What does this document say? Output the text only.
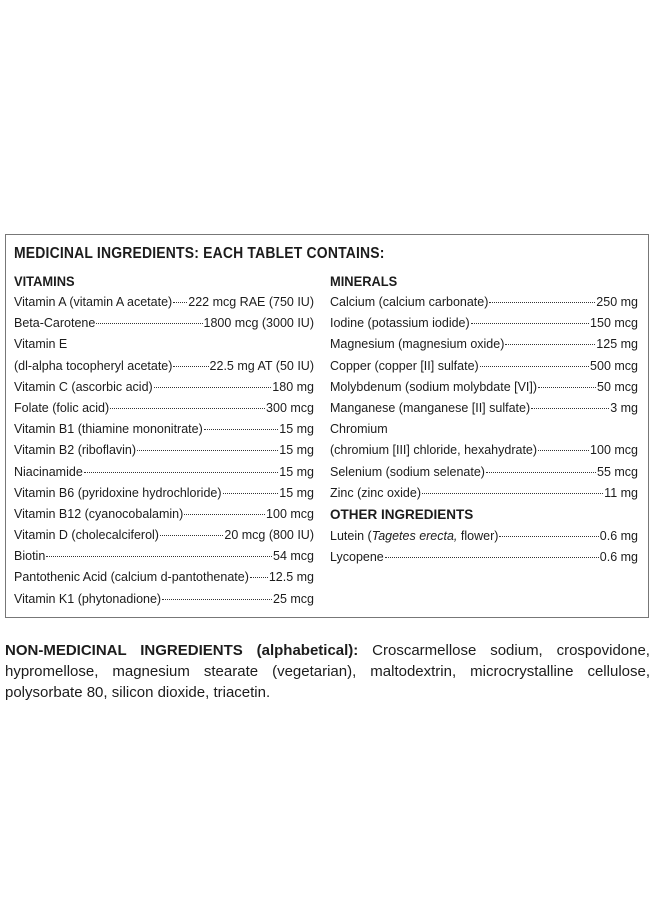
MEDICINAL INGREDIENTS: EACH TABLET CONTAINS:
VITAMINS
Vitamin A (vitamin A acetate) 222 mcg RAE (750 IU)
Beta-Carotene	1800 mcg (3000 IU)
Vitamin E
(dl-alpha tocopheryl acetate)	22.5 mg AT (50 IU)
Vitamin C (ascorbic acid)	180 mg
Folate (folic acid)	300 mcg
Vitamin B1 (thiamine mononitrate)	15 mg
Vitamin B2 (riboflavin)	15 mg
Niacinamide	15 mg
Vitamin B6 (pyridoxine hydrochloride)	15 mg
Vitamin B12 (cyanocobalamin)	100 mcg
Vitamin D (cholecalciferol)	20 mcg (800 IU)
Biotin	54 mcg
Pantothenic Acid (calcium d-pantothenate) 12.5 mg
Vitamin K1 (phytonadione)	25 mcg
MINERALS
Calcium (calcium carbonate)	250 mg
Iodine (potassium iodide)	150 mcg
Magnesium (magnesium oxide)	125 mg
Copper (copper [II] sulfate)	500 mcg
Molybdenum (sodium molybdate [VI])	50 mcg
Manganese (manganese [II] sulfate)	3 mg
Chromium
(chromium [III] chloride, hexahydrate)	100 mcg
Selenium (sodium selenate)	55 mcg
Zinc (zinc oxide)	11 mg
OTHER INGREDIENTS
Lutein (Tagetes erecta, flower)	0.6 mg
Lycopene	0.6 mg
NON-MEDICINAL INGREDIENTS (alphabetical): Croscarmellose sodium, crospovidone, hypromellose, magnesium stearate (vegetarian), maltodextrin, microcrystalline cellulose, polysorbate 80, silicon dioxide, triacetin.
